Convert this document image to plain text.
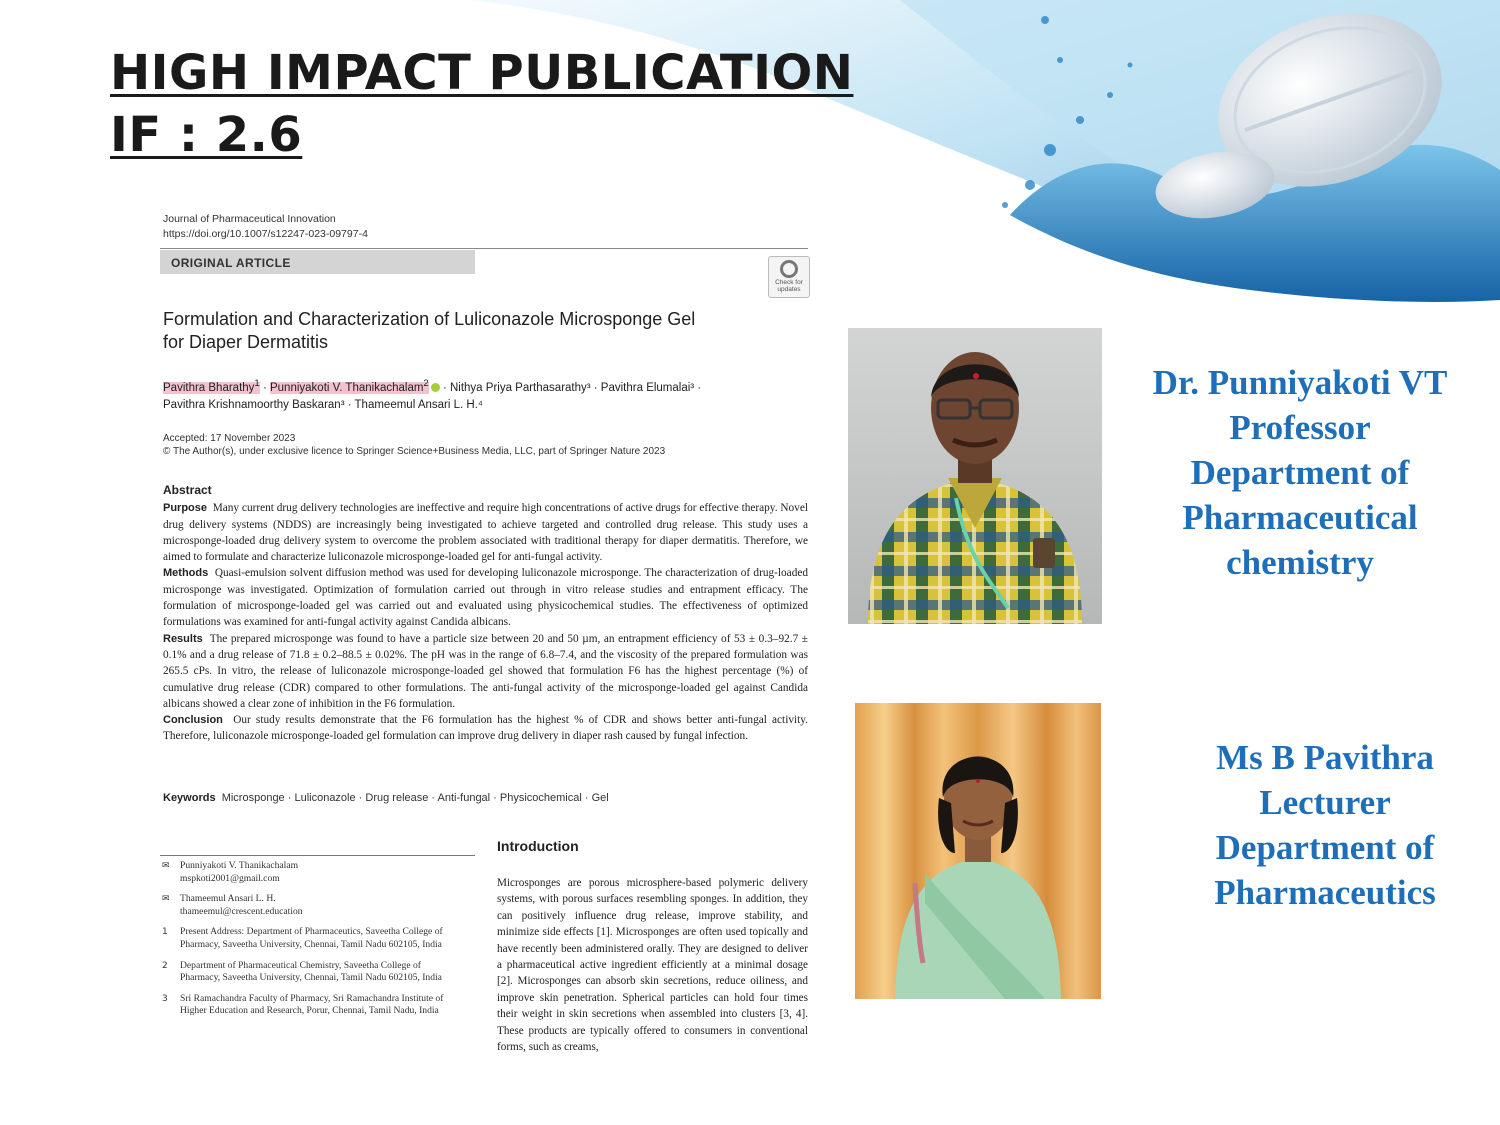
HIGH IMPACT PUBLICATION
IF : 2.6
Journal of Pharmaceutical Innovation
https://doi.org/10.1007/s12247-023-09797-4
ORIGINAL ARTICLE
Check for updates
Formulation and Characterization of Luliconazole Microsponge Gel
for Diaper Dermatitis
Pavithra Bharathy$^1$ · Punniyakoti V. Thanikachalam$^2$ · Nithya Priya Parthasarathy³ · Pavithra Elumalai³ ·
Pavithra Krishnamoorthy Baskaran³ · Thameemul Ansari L. H.⁴
Accepted: 17 November 2023
© The Author(s), under exclusive licence to Springer Science+Business Media, LLC, part of Springer Nature 2023

Abstract

Purpose Many current drug delivery technologies are ineffective and require high concentrations of active drugs for effective therapy. Novel drug delivery systems (NDDS) are increasingly being investigated to achieve targeted and controlled drug release. This study uses a microsponge-loaded drug delivery system to overcome the problem associated with traditional therapy for diaper dermatitis. Therefore, we aimed to formulate and characterize luliconazole microsponge-loaded gel for anti-fungal activity.

Methods Quasi-emulsion solvent diffusion method was used for developing luliconazole microsponge. The characterization of drug-loaded microsponge was investigated. Optimization of formulation carried out through in vitro release studies and entrapment efficacy. The formulation of microsponge-loaded gel was carried out and evaluated using physicochemical studies. The effectiveness of optimized formulations was examined for anti-fungal activity against Candida albicans.

Results The prepared microsponge was found to have a particle size between 20 and 50 µm, an entrapment efficiency of 53 ± 0.3–92.7 ± 0.1% and a drug release of 71.8 ± 0.2–88.5 ± 0.02%. The pH was in the range of 6.8–7.4, and the viscosity of the prepared formulation was 265.5 cPs. In vitro, the release of luliconazole microsponge-loaded gel showed that formulation F6 has the highest percentage (%) of cumulative drug release (CDR) compared to other formulations. The anti-fungal activity of the microsponge-loaded gel against Candida albicans showed a clear zone of inhibition in the F6 formulation.

Conclusion Our study results demonstrate that the F6 formulation has the highest % of CDR and shows better anti-fungal activity. Therefore, luliconazole microsponge-loaded gel formulation can improve drug delivery in diaper rash caused by fungal infection.

Keywords Microsponge · Luliconazole · Drug release · Anti-fungal · Physicochemical · Gel
✉	Punniyakoti V. Thanikachalam
mspkoti2001@gmail.com
✉	Thameemul Ansari L. H.
thameemul@crescent.education
1	Present Address: Department of Pharmaceutics, Saveetha College of Pharmacy, Saveetha University, Chennai, Tamil Nadu 602105, India
2	Department of Pharmaceutical Chemistry, Saveetha College of Pharmacy, Saveetha University, Chennai, Tamil Nadu 602105, India
3	Sri Ramachandra Faculty of Pharmacy, Sri Ramachandra Institute of Higher Education and Research, Porur, Chennai, Tamil Nadu, India
Introduction
Microsponges are porous microsphere-based polymeric delivery systems, with porous surfaces resembling sponges. In addition, they can positively influence drug release, improve stability, and minimize side effects [1]. Microsponges are often used topically and have recently been administered orally. They are designed to deliver a pharmaceutical active ingredient efficiently at a minimal dosage [2]. Microsponges can absorb skin secretions, reduce oiliness, and improve skin penetration. Spherical particles can hold four times their weight in skin secretions when assembled into clusters [3, 4]. These products are typically offered to consumers in conventional forms, such as creams,
Dr. Punniyakoti VT
Professor
Department of
Pharmaceutical
chemistry
Ms B Pavithra
Lecturer
Department of
Pharmaceutics
